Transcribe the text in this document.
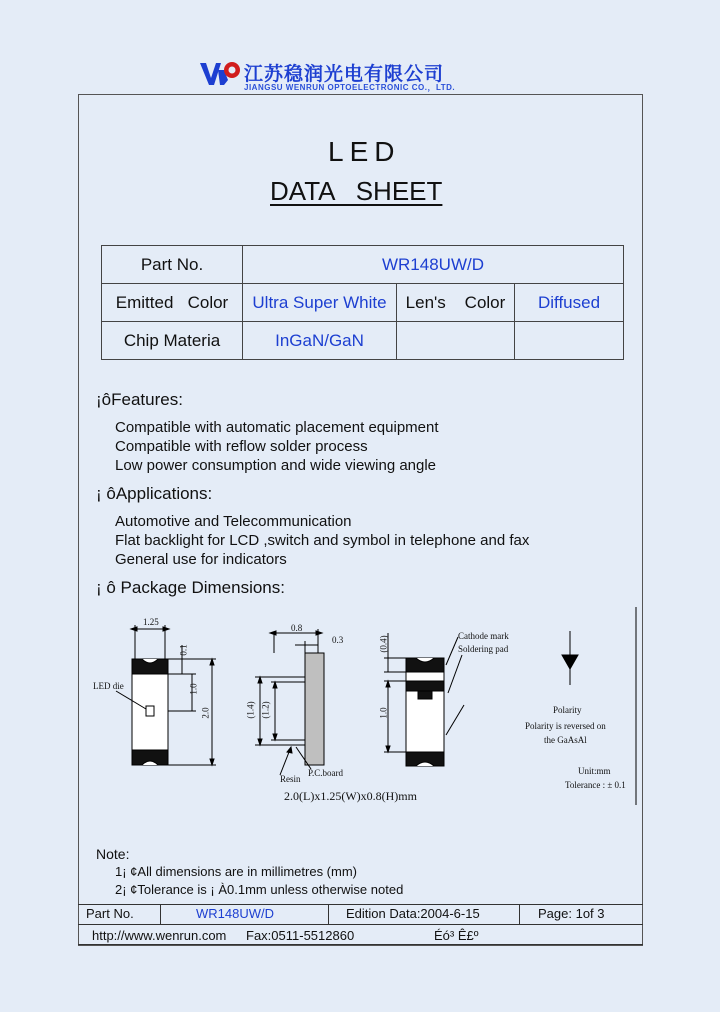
江苏稳润光电有限公司
JIANGSU WENRUN OPTOELECTRONIC CO.，LTD.
LED
DATA   SHEET
Part No.	WR148UW/D		
Emitted   Color	Ultra Super White	Len's    Color	Diffused
Chip Materia	InGaN/GaN		
¡ôFeatures:
Compatible with automatic placement equipment
Compatible with reflow solder process
Low power consumption and wide viewing angle
¡ ôApplications:
Automotive and Telecommunication
Flat backlight for LCD ,switch and symbol in telephone and fax
General use for indicators
¡ ô Package Dimensions:
1.25
0.1
LED die	1.0
2.0
0.8
0.3
(1.4) (1.2)
Resin
P.C.board
(0.4)
1.0
Cathode mark
Soldering pad
Polarity
Polarity is reversed on
the GaAsAl
Unit:mm
Tolerance : ± 0.1
2.0(L)x1.25(W)x0.8(H)mm
Note:
1¡ ¢All dimensions are in millimetres (mm)
2¡ ¢Tolerance is ¡ À0.1mm unless otherwise noted
Part No.	WR148UW/D	Edition Data:2004-6-15	Page: 1of 3
http://www.wenrun.com Fax:0511-5512860	Éó³ Ê£º
